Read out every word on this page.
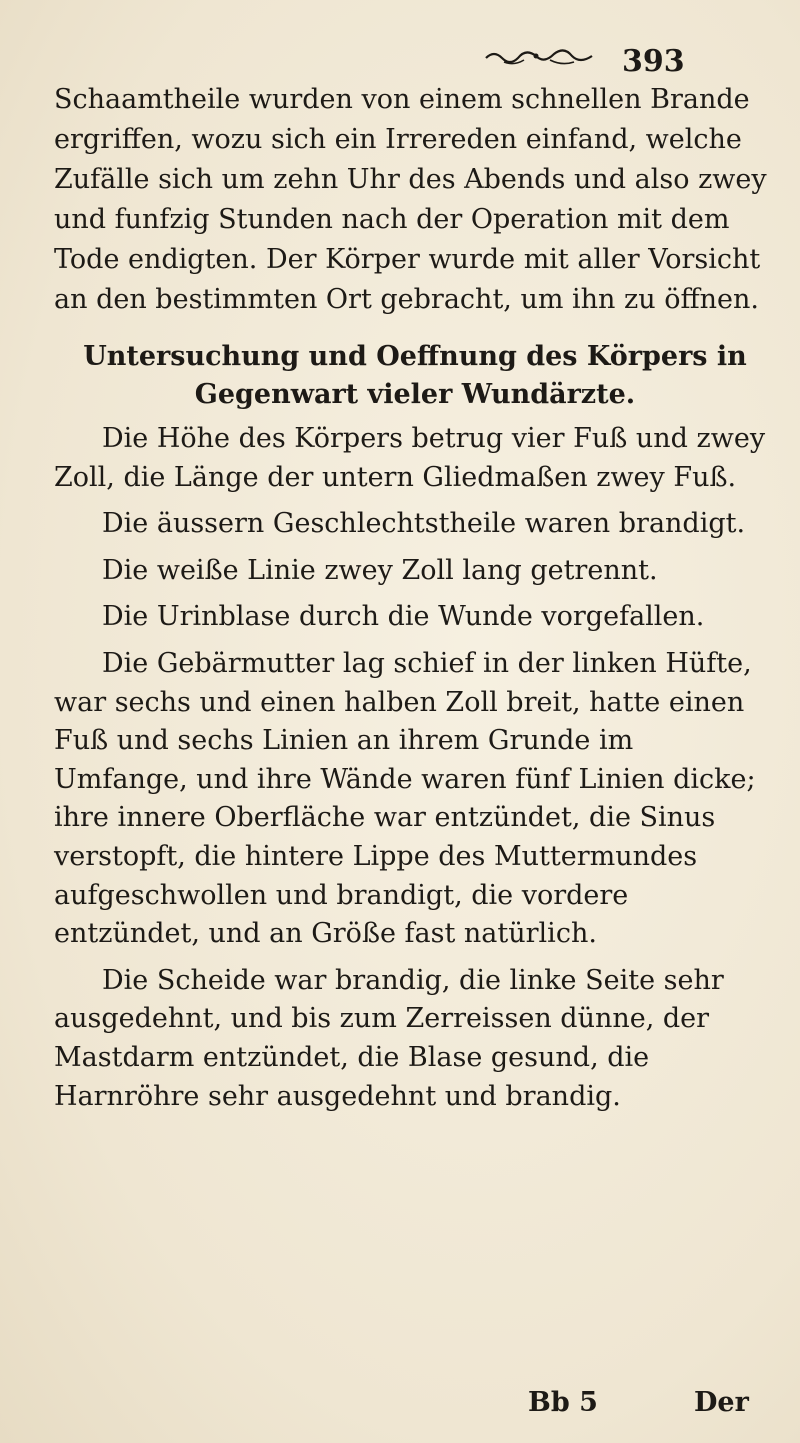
393

Schaamtheile wurden von einem schnellen Brande ergriffen, wozu sich ein Irrereden einfand, welche Zufälle sich um zehn Uhr des Abends und also zwey und funfzig Stunden nach der Operation mit dem Tode endigten. Der Körper wurde mit aller Vorsicht an den bestimmten Ort gebracht, um ihn zu öffnen.

Untersuchung und Oeffnung des Körpers in Gegenwart vieler Wundärzte.

Die Höhe des Körpers betrug vier Fuß und zwey Zoll, die Länge der untern Gliedmaßen zwey Fuß.

Die äussern Geschlechtstheile waren brandigt.

Die weiße Linie zwey Zoll lang getrennt.

Die Urinblase durch die Wunde vorgefallen.

Die Gebärmutter lag schief in der linken Hüfte, war sechs und einen halben Zoll breit, hatte einen Fuß und sechs Linien an ihrem Grunde im Umfange, und ihre Wände waren fünf Linien dicke; ihre innere Oberfläche war entzündet, die Sinus verstopft, die hintere Lippe des Muttermundes aufgeschwollen und brandigt, die vordere entzündet, und an Größe fast natürlich.

Die Scheide war brandig, die linke Seite sehr ausgedehnt, und bis zum Zerreissen dünne, der Mastdarm entzündet, die Blase gesund, die Harnröhre sehr ausgedehnt und brandig.

Bb 5	Der
